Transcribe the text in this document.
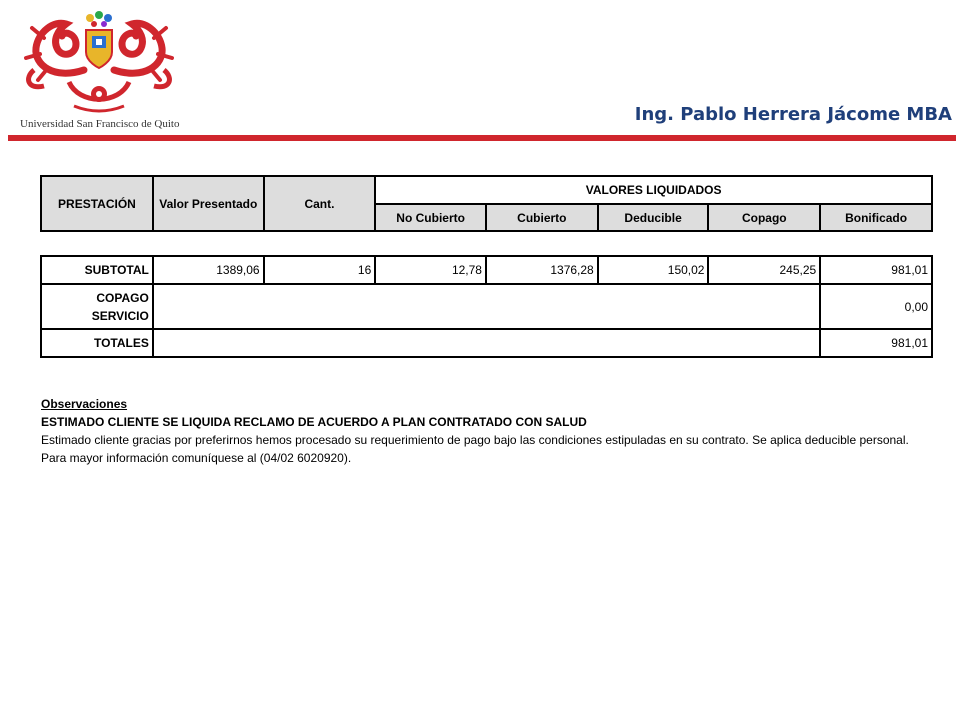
Universidad San Francisco de Quito	Ing. Pablo Herrera Jácome MBA
PRESTACIÓN	Valor Presentado	Cant.	VALORES LIQUIDADOS				
			No Cubierto	Cubierto	Deducible	Copago	Bonificado
SUBTOTAL	1389,06	16	12,78	1376,28	150,02	245,25	981,01
COPAGO
SERVICIO							0,00
TOTALES							981,01
Observaciones
ESTIMADO CLIENTE SE LIQUIDA RECLAMO DE ACUERDO A PLAN CONTRATADO CON SALUD
Estimado cliente gracias por preferirnos hemos procesado su requerimiento de pago bajo las condiciones estipuladas en su contrato. Se aplica deducible personal.
Para mayor información comuníquese al (04/02 6020920).
